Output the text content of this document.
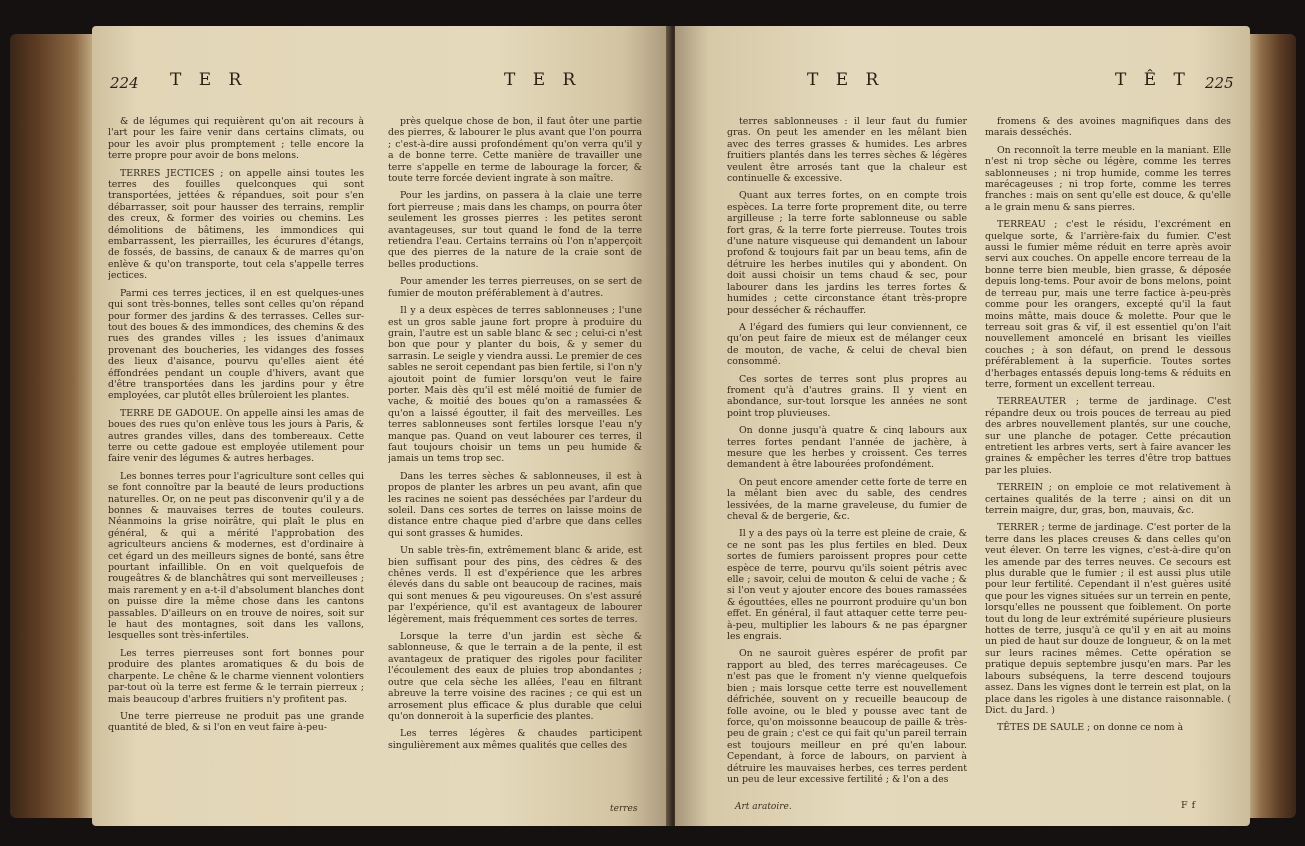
224 T E R	T E R

& de légumes qui requièrent qu'on ait recours à l'art pour les faire venir dans certains climats, ou pour les avoir plus promptement ; telle encore la terre propre pour avoir de bons melons.

TERRES JECTICES ; on appelle ainsi toutes les terres des fouilles quelconques qui sont transportées, jettées & répandues, soit pour s'en débarrasser, soit pour hausser des terrains, remplir des creux, & former des voiries ou chemins. Les démolitions de bâtimens, les immondices qui embarrassent, les pierrailles, les écurures d'étangs, de fossés, de bassins, de canaux & de marres qu'on enlève & qu'on transporte, tout cela s'appelle terres jectices.

Parmi ces terres jectices, il en est quelques-unes qui sont très-bonnes, telles sont celles qu'on répand pour former des jardins & des terrasses. Celles sur-tout des boues & des immondices, des chemins & des rues des grandes villes ; les issues d'animaux provenant des boucheries, les vidanges des fosses des lieux d'aisance, pourvu qu'elles aient été éffondrées pendant un couple d'hivers, avant que d'être transportées dans les jardins pour y être employées, car plutôt elles brûleroient les plantes.

TERRE DE GADOUE. On appelle ainsi les amas de boues des rues qu'on enlève tous les jours à Paris, & autres grandes villes, dans des tombereaux. Cette terre ou cette gadoue est employée utilement pour faire venir des légumes & autres herbages.

Les bonnes terres pour l'agriculture sont celles qui se font connoître par la beauté de leurs productions naturelles. Or, on ne peut pas disconvenir qu'il y a de bonnes & mauvaises terres de toutes couleurs. Néanmoins la grise noirâtre, qui plaît le plus en général, & qui a mérité l'approbation des agriculteurs anciens & modernes, est d'ordinaire à cet égard un des meilleurs signes de bonté, sans être pourtant infaillible. On en voit quelquefois de rougeâtres & de blanchâtres qui sont merveilleuses ; mais rarement y en a-t-il d'absolument blanches dont on puisse dire la même chose dans les cantons passables. D'ailleurs on en trouve de noires, soit sur le haut des montagnes, soit dans les vallons, lesquelles sont très-infertiles.

Les terres pierreuses sont fort bonnes pour produire des plantes aromatiques & du bois de charpente. Le chêne & le charme viennent volontiers par-tout où la terre est ferme & le terrain pierreux ; mais beaucoup d'arbres fruitiers n'y profitent pas.

Une terre pierreuse ne produit pas une grande quantité de bled, & si l'on en veut faire à-peu-

près quelque chose de bon, il faut ôter une partie des pierres, & labourer le plus avant que l'on pourra ; c'est-à-dire aussi profondément qu'on verra qu'il y a de bonne terre. Cette manière de travailler une terre s'appelle en terme de labourage la forcer, & toute terre forcée devient ingrate à son maître.

Pour les jardins, on passera à la claie une terre fort pierreuse ; mais dans les champs, on pourra ôter seulement les grosses pierres : les petites seront avantageuses, sur tout quand le fond de la terre retiendra l'eau. Certains terrains où l'on n'apperçoit que des pierres de la nature de la craie sont de belles productions.

Pour amender les terres pierreuses, on se sert de fumier de mouton préférablement à d'autres.

Il y a deux espèces de terres sablonneuses ; l'une est un gros sable jaune fort propre à produire du grain, l'autre est un sable blanc & sec ; celui-ci n'est bon que pour y planter du bois, & y semer du sarrasin. Le seigle y viendra aussi. Le premier de ces sables ne seroit cependant pas bien fertile, si l'on n'y ajoutoit point de fumier lorsqu'on veut le faire porter. Mais dès qu'il est mêlé moitié de fumier de vache, & moitié des boues qu'on a ramassées & qu'on a laissé égoutter, il fait des merveilles. Les terres sablonneuses sont fertiles lorsque l'eau n'y manque pas. Quand on veut labourer ces terres, il faut toujours choisir un tems un peu humide & jamais un tems trop sec.

Dans les terres sèches & sablonneuses, il est à propos de planter les arbres un peu avant, afin que les racines ne soient pas desséchées par l'ardeur du soleil. Dans ces sortes de terres on laisse moins de distance entre chaque pied d'arbre que dans celles qui sont grasses & humides.

Un sable très-fin, extrêmement blanc & aride, est bien suffisant pour des pins, des cèdres & des chênes verds. Il est d'expérience que les arbres élevés dans du sable ont beaucoup de racines, mais qui sont menues & peu vigoureuses. On s'est assuré par l'expérience, qu'il est avantageux de labourer légèrement, mais fréquemment ces sortes de terres.

Lorsque la terre d'un jardin est sèche & sablonneuse, & que le terrain a de la pente, il est avantageux de pratiquer des rigoles pour faciliter l'écoulement des eaux de pluies trop abondantes ; outre que cela sèche les allées, l'eau en filtrant abreuve la terre voisine des racines ; ce qui est un arrosement plus efficace & plus durable que celui qu'on donneroit à la superficie des plantes.

Les terres légères & chaudes participent singulièrement aux mêmes qualités que celles des

terres
T E R	T Ê T 225

terres sablonneuses : il leur faut du fumier gras. On peut les amender en les mêlant bien avec des terres grasses & humides. Les arbres fruitiers plantés dans les terres sèches & légères veulent être arrosés tant que la chaleur est continuelle & excessive.

Quant aux terres fortes, on en compte trois espèces. La terre forte proprement dite, ou terre argilleuse ; la terre forte sablonneuse ou sable fort gras, & la terre forte pierreuse. Toutes trois d'une nature visqueuse qui demandent un labour profond & toujours fait par un beau tems, afin de détruire les herbes inutiles qui y abondent. On doit aussi choisir un tems chaud & sec, pour labourer dans les jardins les terres fortes & humides ; cette circonstance étant très-propre pour dessécher & réchauffer.

A l'égard des fumiers qui leur conviennent, ce qu'on peut faire de mieux est de mélanger ceux de mouton, de vache, & celui de cheval bien consommé.

Ces sortes de terres sont plus propres au froment qu'à d'autres grains. Il y vient en abondance, sur-tout lorsque les années ne sont point trop pluvieuses.

On donne jusqu'à quatre & cinq labours aux terres fortes pendant l'année de jachère, à mesure que les herbes y croissent. Ces terres demandent à être labourées profondément.

On peut encore amender cette forte de terre en la mêlant bien avec du sable, des cendres lessivées, de la marne graveleuse, du fumier de cheval & de bergerie, &c.

Il y a des pays où la terre est pleine de craie, & ce ne sont pas les plus fertiles en bled. Deux sortes de fumiers paroissent propres pour cette espèce de terre, pourvu qu'ils soient pétris avec elle ; savoir, celui de mouton & celui de vache ; & si l'on veut y ajouter encore des boues ramassées & égouttées, elles ne pourront produire qu'un bon effet. En général, il faut attaquer cette terre peu-à-peu, multiplier les labours & ne pas épargner les engrais.

On ne sauroit guères espérer de profit par rapport au bled, des terres marécageuses. Ce n'est pas que le froment n'y vienne quelquefois bien ; mais lorsque cette terre est nouvellement défrichée, souvent on y recueille beaucoup de folle avoine, ou le bled y pousse avec tant de force, qu'on moissonne beaucoup de paille & très-peu de grain ; c'est ce qui fait qu'un pareil terrain est toujours meilleur en pré qu'en labour. Cependant, à force de labours, on parvient à détruire les mauvaises herbes, ces terres perdent un peu de leur excessive fertilité ; & l'on a des

Art aratoire.

fromens & des avoines magnifiques dans des marais desséchés.

On reconnoît la terre meuble en la maniant. Elle n'est ni trop sèche ou légère, comme les terres sablonneuses ; ni trop humide, comme les terres marécageuses ; ni trop forte, comme les terres franches : mais on sent qu'elle est douce, & qu'elle a le grain menu & sans pierres.

TERREAU ; c'est le résidu, l'excrément en quelque sorte, & l'arrière-faix du fumier. C'est aussi le fumier même réduit en terre après avoir servi aux couches. On appelle encore terreau de la bonne terre bien meuble, bien grasse, & déposée depuis long-tems. Pour avoir de bons melons, point de terreau pur, mais une terre factice à-peu-près comme pour les orangers, excepté qu'il la faut moins mâtte, mais douce & molette. Pour que le terreau soit gras & vif, il est essentiel qu'on l'ait nouvellement amoncelé en brisant les vieilles couches ; à son défaut, on prend le dessous préférablement à la superficie. Toutes sortes d'herbages entassés depuis long-tems & réduits en terre, forment un excellent terreau.

TERREAUTER ; terme de jardinage. C'est répandre deux ou trois pouces de terreau au pied des arbres nouvellement plantés, sur une couche, sur une planche de potager. Cette précaution entretient les arbres verts, sert à faire avancer les graines & empêcher les terres d'être trop battues par les pluies.

TERREIN ; on emploie ce mot relativement à certaines qualités de la terre ; ainsi on dit un terrein maigre, dur, gras, bon, mauvais, &c.

TERRER ; terme de jardinage. C'est porter de la terre dans les places creuses & dans celles qu'on veut élever. On terre les vignes, c'est-à-dire qu'on les amende par des terres neuves. Ce secours est plus durable que le fumier ; il est aussi plus utile pour leur fertilité. Cependant il n'est guères usité que pour les vignes situées sur un terrein en pente, lorsqu'elles ne poussent que foiblement. On porte tout du long de leur extrémité supérieure plusieurs hottes de terre, jusqu'à ce qu'il y en ait au moins un pied de haut sur douze de longueur, & on la met sur leurs racines mêmes. Cette opération se pratique depuis septembre jusqu'en mars. Par les labours subséquens, la terre descend toujours assez. Dans les vignes dont le terrein est plat, on la place dans les rigoles à une distance raisonnable. ( Dict. du Jard. )

TÊTES DE SAULE ; on donne ce nom à

F f
